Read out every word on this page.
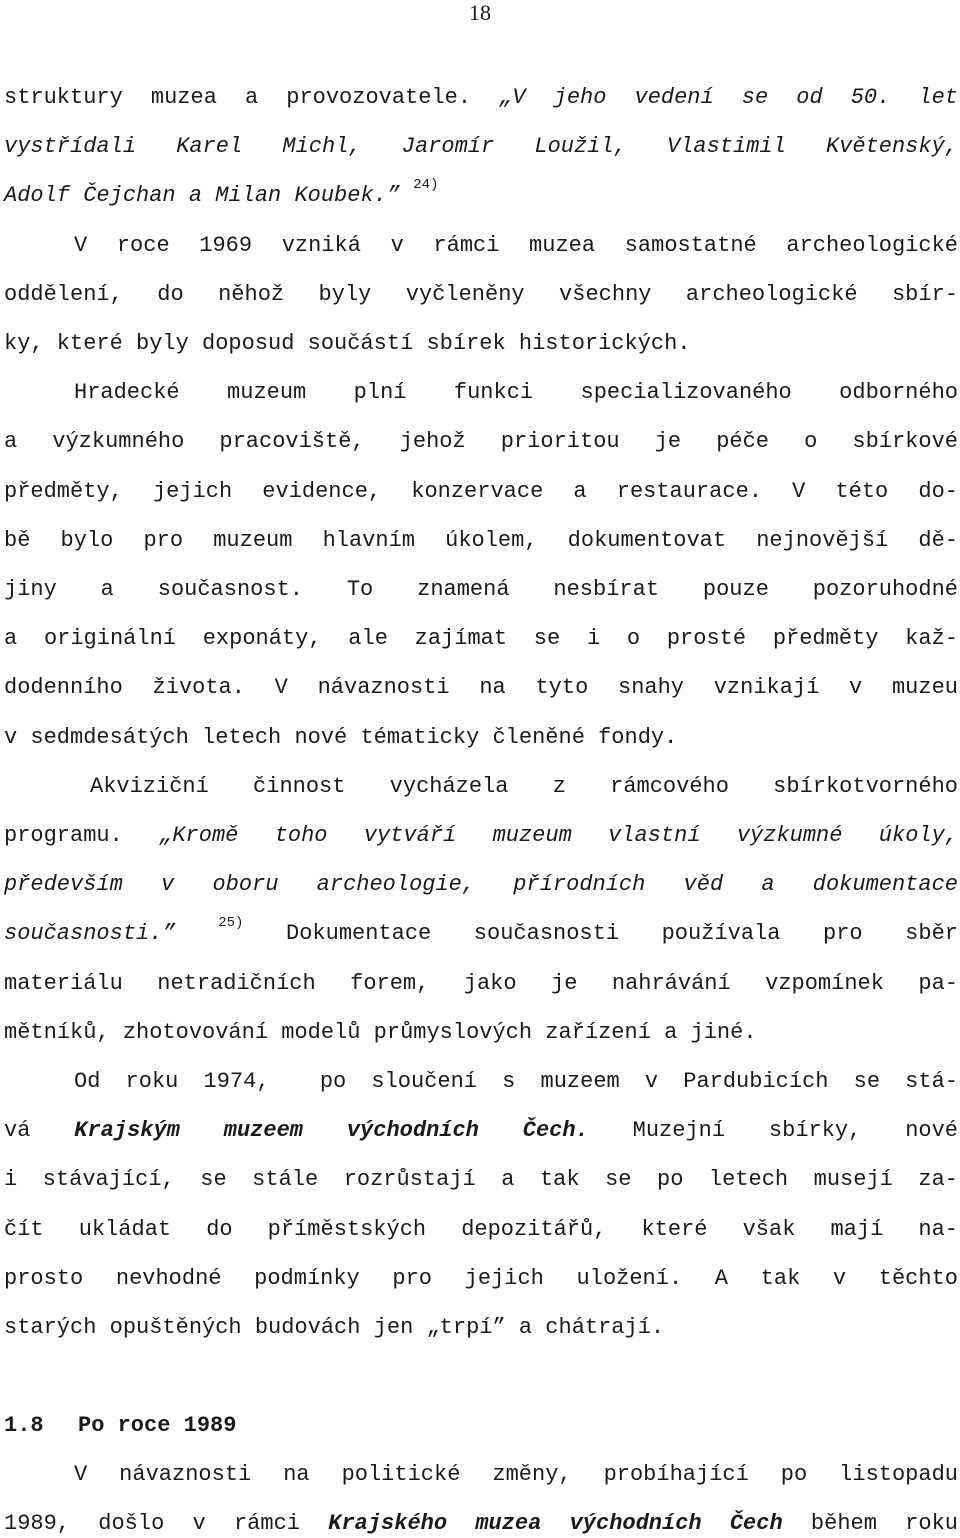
18
struktury muzea a provozovatele. „V jeho vedení se od 50. let
vystřídali Karel Michl, Jaromír Loužil, Vlastimil Květenský,
Adolf Čejchan a Milan Koubek.” $^{24)}$
V roce 1969 vzniká v rámci muzea samostatné archeologické
oddělení, do něhož byly vyčleněny všechny archeologické sbír-
ky, které byly doposud součástí sbírek historických.
Hradecké muzeum plní funkci specializovaného odborného
a výzkumného pracoviště, jehož prioritou je péče o sbírkové
předměty, jejich evidence, konzervace a restaurace. V této do-
bě bylo pro muzeum hlavním úkolem, dokumentovat nejnovější dě-
jiny a současnost. To znamená nesbírat pouze pozoruhodné
a originální exponáty, ale zajímat se i o prosté předměty kaž-
dodenního života. V návaznosti na tyto snahy vznikají v muzeu
v sedmdesátých letech nové tématicky členěné fondy.
Akviziční činnost vycházela z rámcového sbírkotvorného
programu. „Kromě toho vytváří muzeum vlastní výzkumné úkoly,
především v oboru archeologie, přírodních věd a dokumentace
současnosti.”	$^{25)}$ Dokumentace současnosti používala pro sběr
materiálu netradičních forem, jako je nahrávání vzpomínek pa-
mětníků, zhotovování modelů průmyslových zařízení a jiné.
Od roku 1974,  po sloučení s muzeem v Pardubicích se stá-
vá Krajským muzeem východních Čech. Muzejní sbírky, nové
i stávající, se stále rozrůstají a tak se po letech musejí za-
čít ukládat do příměstských depozitářů, které však mají na-
prosto nevhodné podmínky pro jejich uložení. A tak v těchto
starých opuštěných budovách jen „trpí” a chátrají.
1.8 Po roce 1989
V návaznosti na politické změny, probíhající po listopadu
1989, došlo v rámci Krajského muzea východních Čech během roku
